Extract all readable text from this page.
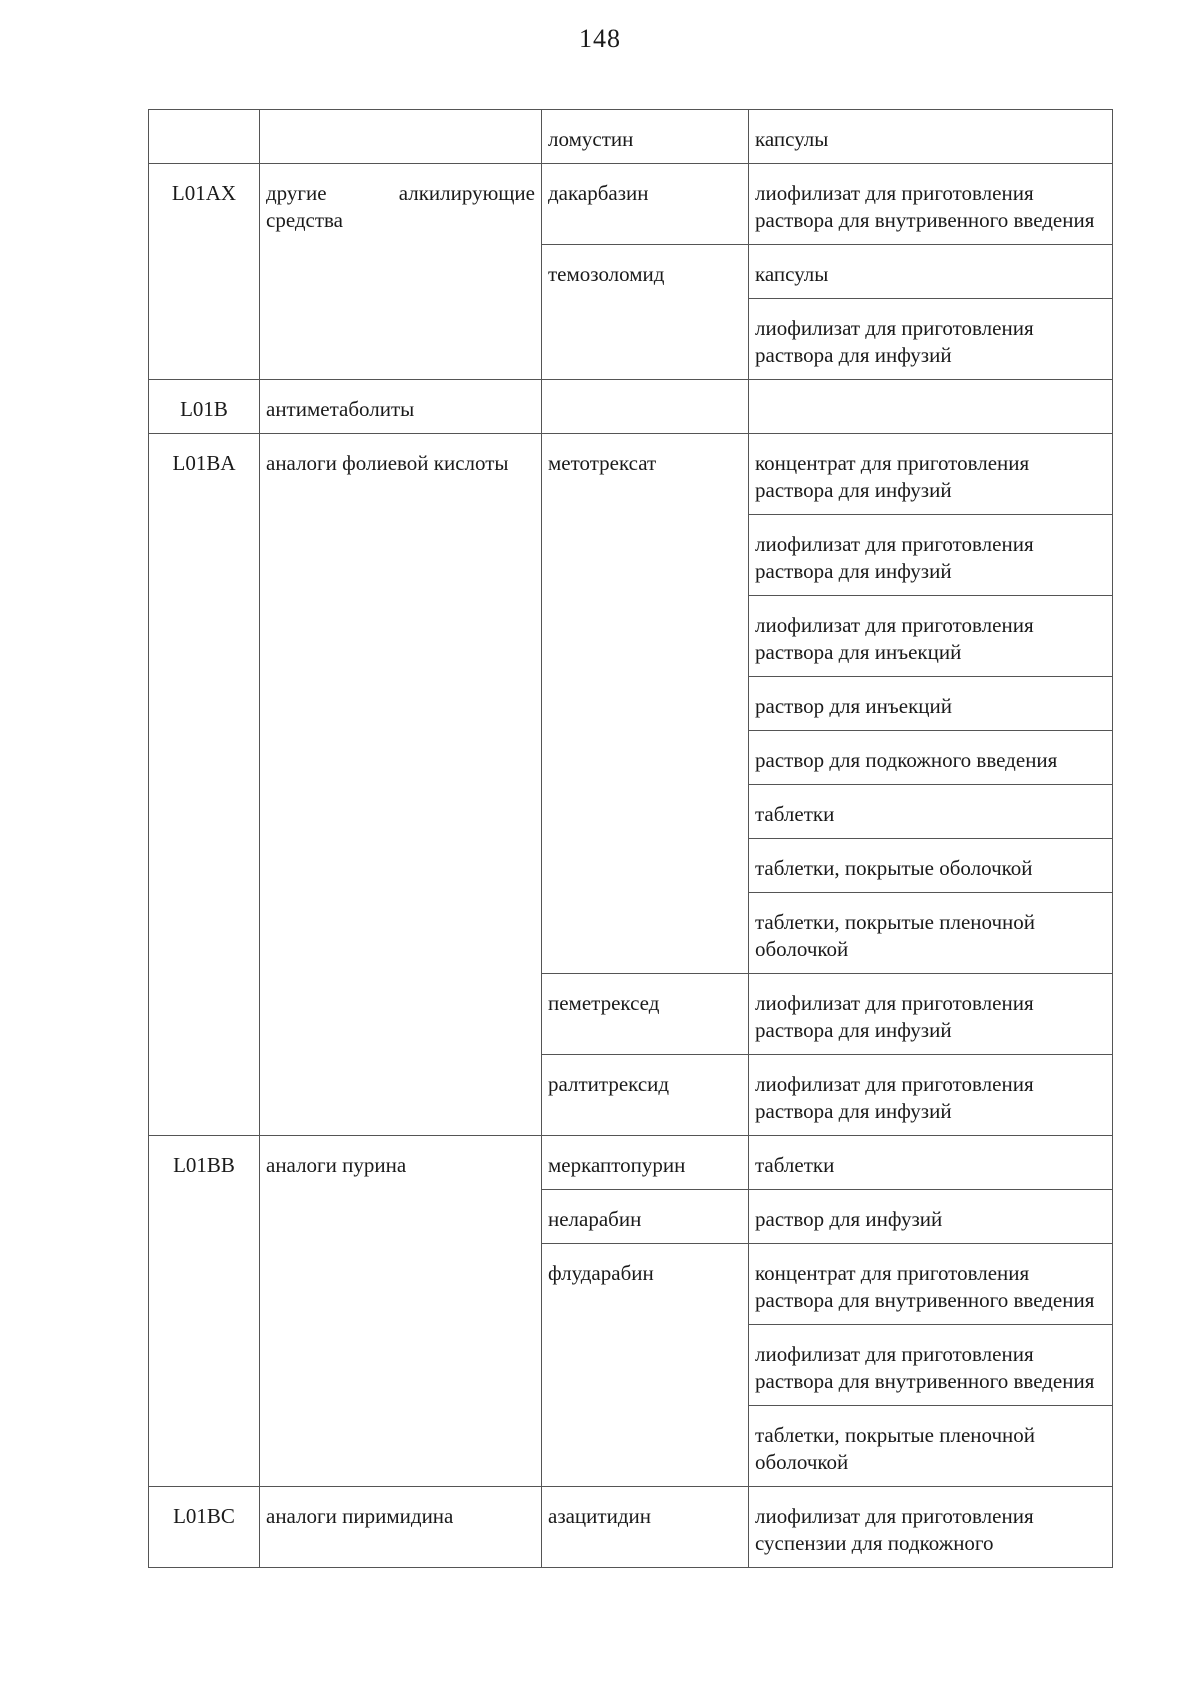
148
		ломустин	капсулы
L01AX	другие алкилирующие средства	дакарбазин	лиофилизат для приготовления раствора для внутривенного введения
		темозоломид	капсулы
			лиофилизат для приготовления раствора для инфузий
L01B	антиметаболиты		
L01BA	аналоги фолиевой кислоты	метотрексат	концентрат для приготовления раствора для инфузий
			лиофилизат для приготовления раствора для инфузий
			лиофилизат для приготовления раствора для инъекций
			раствор для инъекций
			раствор для подкожного введения
			таблетки
			таблетки, покрытые оболочкой
			таблетки, покрытые пленочной оболочкой
		пеметрексед	лиофилизат для приготовления раствора для инфузий
		ралтитрексид	лиофилизат для приготовления раствора для инфузий
L01BB	аналоги пурина	меркаптопурин	таблетки
		неларабин	раствор для инфузий
		флударабин	концентрат для приготовления раствора для внутривенного введения
			лиофилизат для приготовления раствора для внутривенного введения
			таблетки, покрытые пленочной оболочкой
L01BC	аналоги пиримидина	азацитидин	лиофилизат для приготовления суспензии для подкожного
